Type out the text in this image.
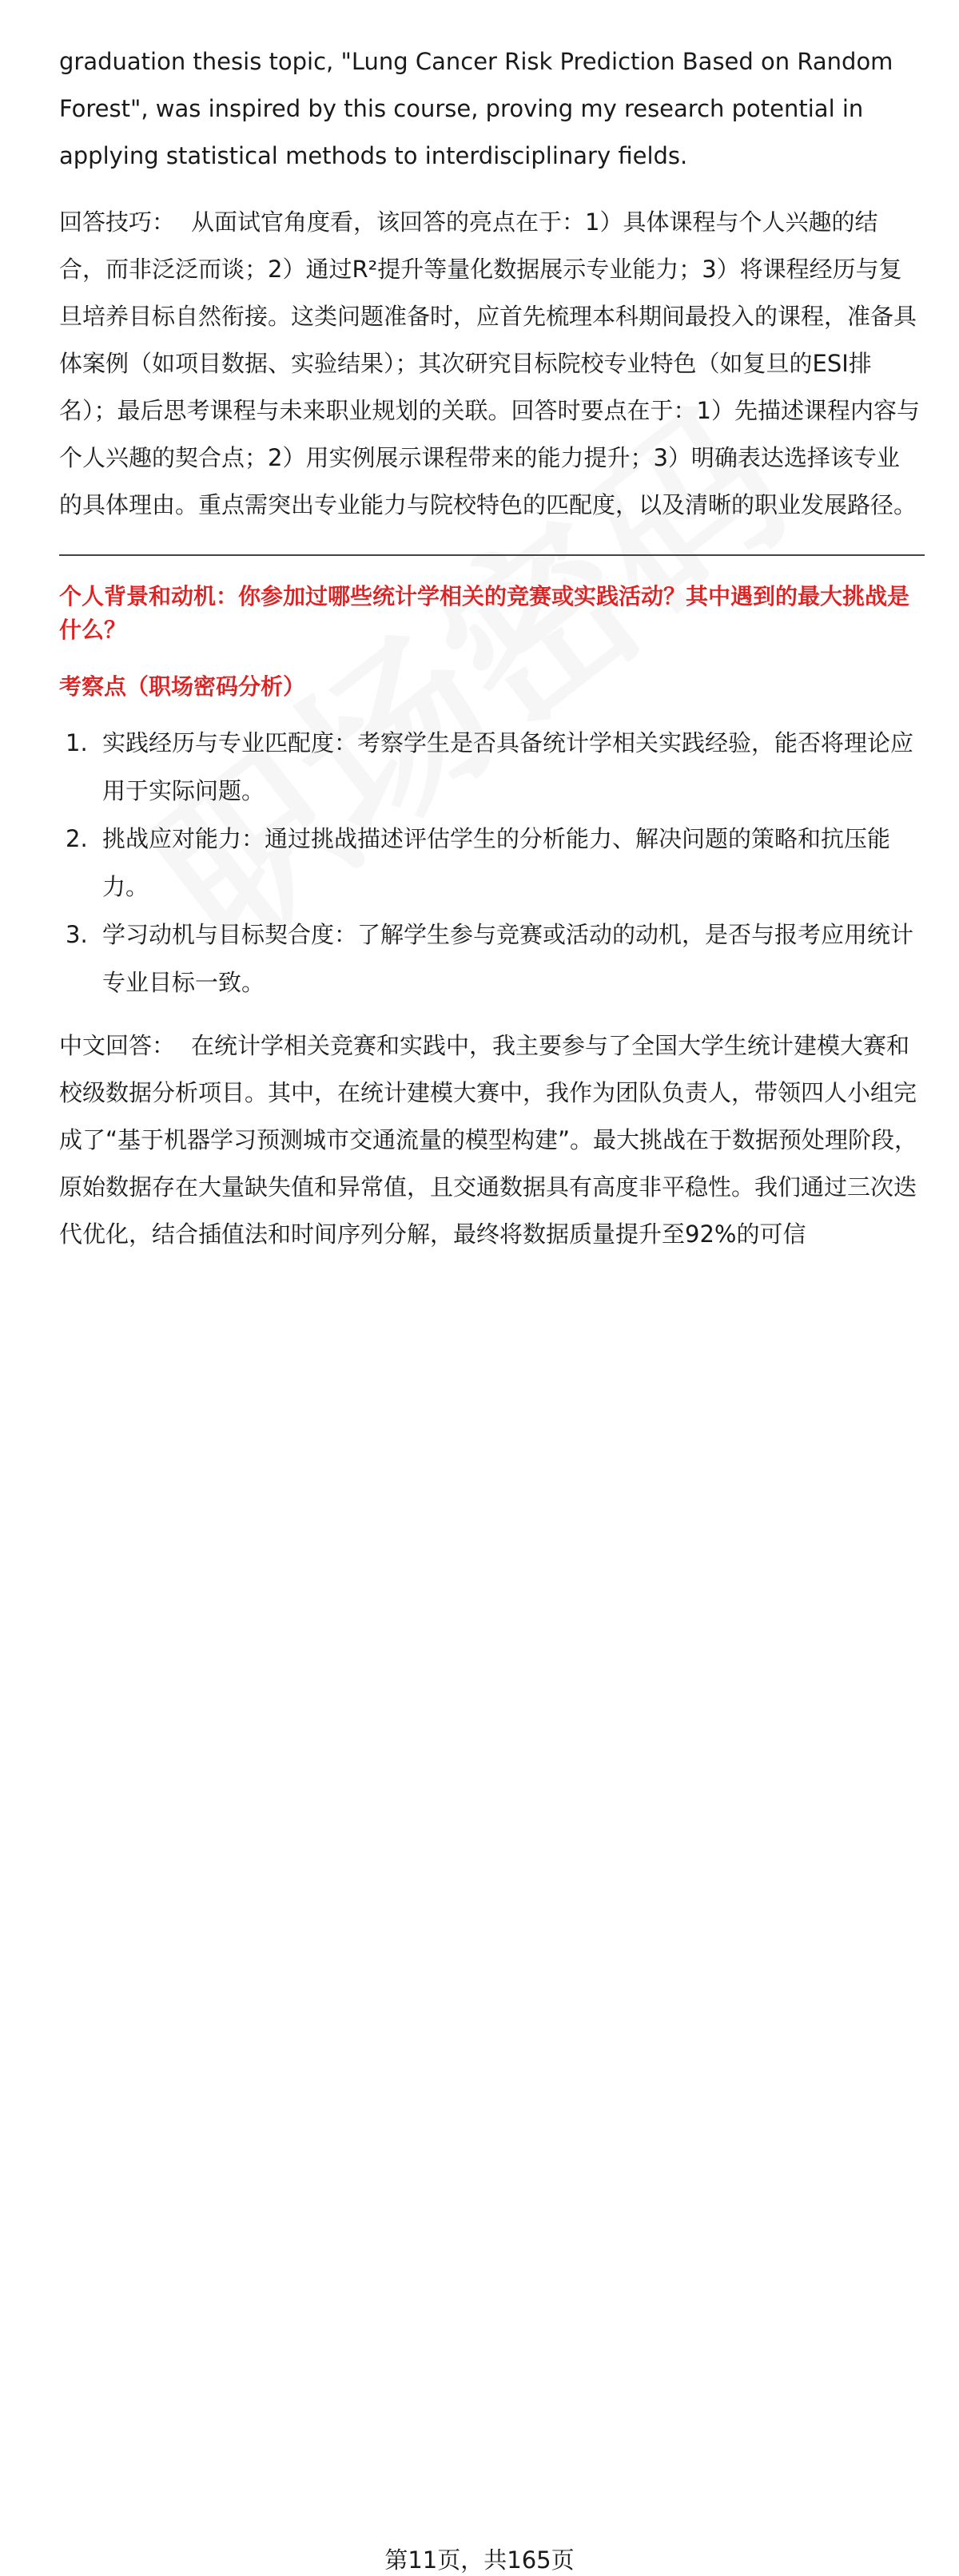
graduation thesis topic, "Lung Cancer Risk Prediction Based on Random Forest", was inspired by this course, proving my research potential in applying statistical methods to interdisciplinary fields.

回答技巧： 从面试官角度看，该回答的亮点在于：1）具体课程与个人兴趣的结合，而非泛泛而谈；2）通过R²提升等量化数据展示专业能力；3）将课程经历与复旦培养目标自然衔接。这类问题准备时，应首先梳理本科期间最投入的课程，准备具体案例（如项目数据、实验结果）；其次研究目标院校专业特色（如复旦的ESI排名）；最后思考课程与未来职业规划的关联。回答时要点在于：1）先描述课程内容与个人兴趣的契合点；2）用实例展示课程带来的能力提升；3）明确表达选择该专业的具体理由。重点需突出专业能力与院校特色的匹配度，以及清晰的职业发展路径。

个人背景和动机：你参加过哪些统计学相关的竞赛或实践活动？其中遇到的最大挑战是什么？

考察点（职场密码分析）

1. 实践经历与专业匹配度：考察学生是否具备统计学相关实践经验，能否将理论应用于实际问题。
2. 挑战应对能力：通过挑战描述评估学生的分析能力、解决问题的策略和抗压能力。
3. 学习动机与目标契合度：了解学生参与竞赛或活动的动机，是否与报考应用统计专业目标一致。

中文回答： 在统计学相关竞赛和实践中，我主要参与了全国大学生统计建模大赛和校级数据分析项目。其中，在统计建模大赛中，我作为团队负责人，带领四人小组完成了“基于机器学习预测城市交通流量的模型构建”。最大挑战在于数据预处理阶段，原始数据存在大量缺失值和异常值，且交通数据具有高度非平稳性。我们通过三次迭代优化，结合插值法和时间序列分解，最终将数据质量提升至92%的可信

第11页，共165页
